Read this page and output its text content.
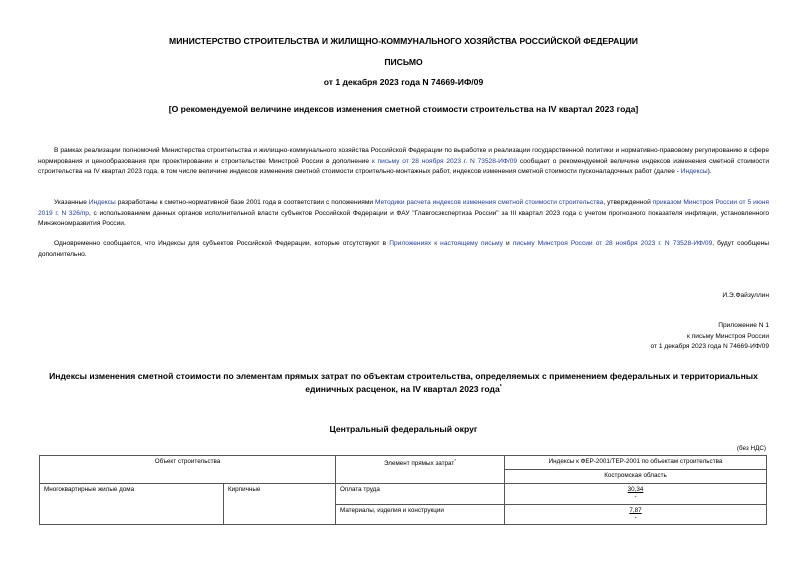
МИНИСТЕРСТВО СТРОИТЕЛЬСТВА И ЖИЛИЩНО-КОММУНАЛЬНОГО ХОЗЯЙСТВА РОССИЙСКОЙ ФЕДЕРАЦИИ
ПИСЬМО
от 1 декабря 2023 года N 74669-ИФ/09
[О рекомендуемой величине индексов изменения сметной стоимости строительства на IV квартал 2023 года]

В рамках реализации полномочий Министерства строительства и жилищно-коммунального хозяйства Российской Федерации по выработке и реализации государственной политики и нормативно-правовому регулированию в сфере нормирования и ценообразования при проектировании и строительстве Минстрой России в дополнение к письму от 28 ноября 2023 г. N 73528-ИФ/09 сообщает о рекомендуемой величине индексов изменения сметной стоимости строительства на IV квартал 2023 года, в том числе величине индексов изменения сметной стоимости строительно-монтажных работ, индексов изменения сметной стоимости пусконаладочных работ (далее - Индексы).

Указанные Индексы разработаны к сметно-нормативной базе 2001 года в соответствии с положениями Методики расчета индексов изменения сметной стоимости строительства, утвержденной приказом Минстроя России от 5 июня 2019 г. N 326/пр, с использованием данных органов исполнительной власти субъектов Российской Федерации и ФАУ "Главгосэкспертиза России" за III квартал 2023 года с учетом прогнозного показателя инфляции, установленного Минэкономразвития России.

Одновременно сообщается, что Индексы для субъектов Российской Федерации, которые отсутствуют в Приложениях к настоящему письму и письму Минстроя России от 28 ноября 2023 г. N 73528-ИФ/09, будут сообщены дополнительно.

И.Э.Файзуллин
Приложение N 1
к письму Минстроя России
от 1 декабря 2023 года N 74669-ИФ/09
Индексы изменения сметной стоимости по элементам прямых затрат по объектам строительства, определяемых с применением федеральных и территориальных единичных расценок, на IV квартал 2023 года*
Центральный федеральный округ
(без НДС)
Объект строительства		Элемент прямых затрат*	Индексы к ФЕР-2001/ТЕР-2001 по объектам строительства
			Костромская область
Многоквартирные жилые дома	Кирпичные	Оплата труда	30,34
-

		Материалы, изделия и конструкции	7,87
-
